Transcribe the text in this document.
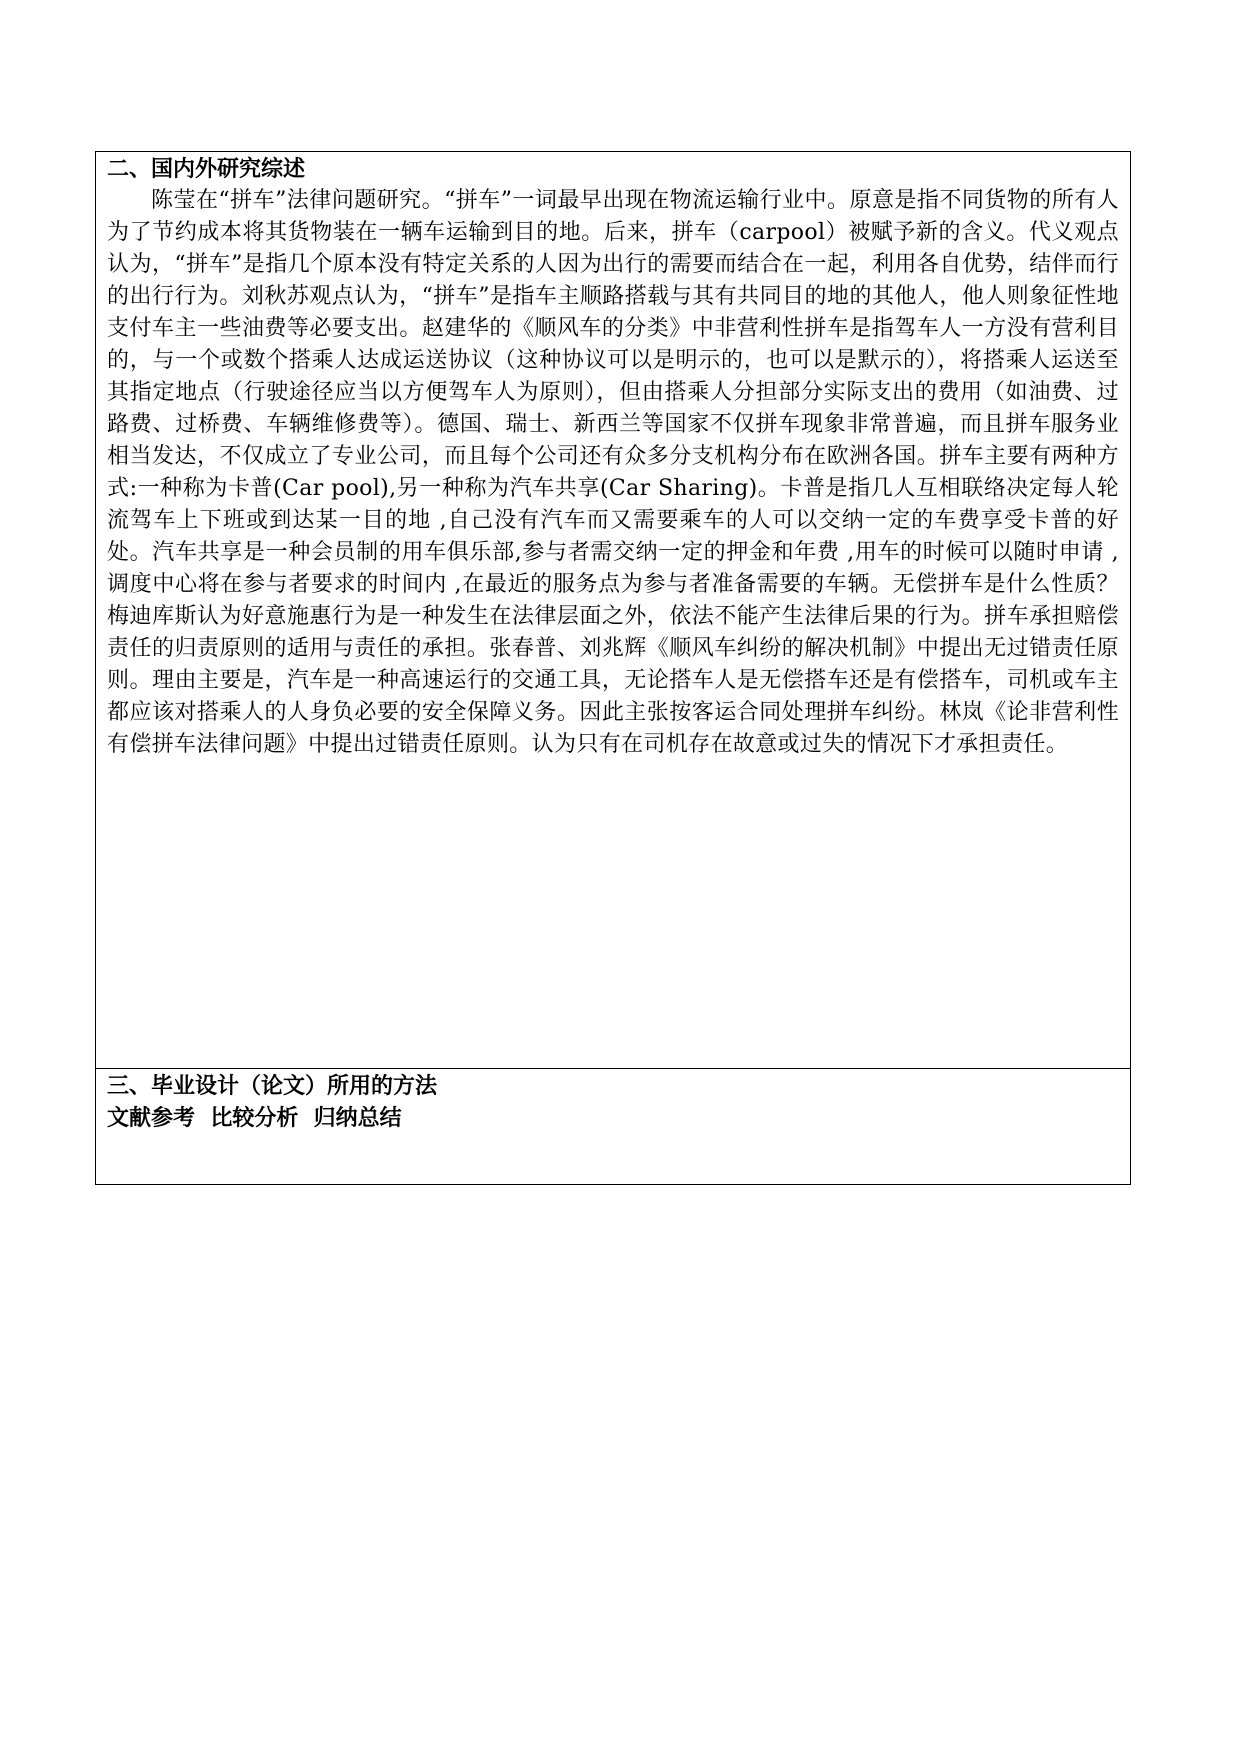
二、国内外研究综述

陈莹在“拼车”法律问题研究。“拼车”一词最早出现在物流运输行业中。原意是指不同货物的所有人为了节约成本将其货物装在一辆车运输到目的地。后来，拼车（carpool）被赋予新的含义。代义观点认为，“拼车”是指几个原本没有特定关系的人因为出行的需要而结合在一起，利用各自优势，结伴而行的出行行为。刘秋苏观点认为，“拼车”是指车主顺路搭载与其有共同目的地的其他人，他人则象征性地支付车主一些油费等必要支出。赵建华的《顺风车的分类》中非营利性拼车是指驾车人一方没有营利目的，与一个或数个搭乘人达成运送协议（这种协议可以是明示的，也可以是默示的），将搭乘人运送至其指定地点（行驶途径应当以方便驾车人为原则），但由搭乘人分担部分实际支出的费用（如油费、过路费、过桥费、车辆维修费等）。德国、瑞士、新西兰等国家不仅拼车现象非常普遍，而且拼车服务业相当发达，不仅成立了专业公司，而且每个公司还有众多分支机构分布在欧洲各国。拼车主要有两种方式:一种称为卡普(Car pool),另一种称为汽车共享(Car Sharing)。卡普是指几人互相联络决定每人轮流驾车上下班或到达某一目的地 ,自己没有汽车而又需要乘车的人可以交纳一定的车费享受卡普的好处。汽车共享是一种会员制的用车俱乐部,参与者需交纳一定的押金和年费 ,用车的时候可以随时申请 ,调度中心将在参与者要求的时间内 ,在最近的服务点为参与者准备需要的车辆。无偿拼车是什么性质？梅迪库斯认为好意施惠行为是一种发生在法律层面之外，依法不能产生法律后果的行为。拼车承担赔偿责任的归责原则的适用与责任的承担。张春普、刘兆辉《顺风车纠纷的解决机制》中提出无过错责任原则。理由主要是，汽车是一种高速运行的交通工具，无论搭车人是无偿搭车还是有偿搭车，司机或车主都应该对搭乘人的人身负必要的安全保障义务。因此主张按客运合同处理拼车纠纷。林岚《论非营利性有偿拼车法律问题》中提出过错责任原则。认为只有在司机存在故意或过失的情况下才承担责任。

三、毕业设计（论文）所用的方法

文献参考  比较分析  归纳总结
